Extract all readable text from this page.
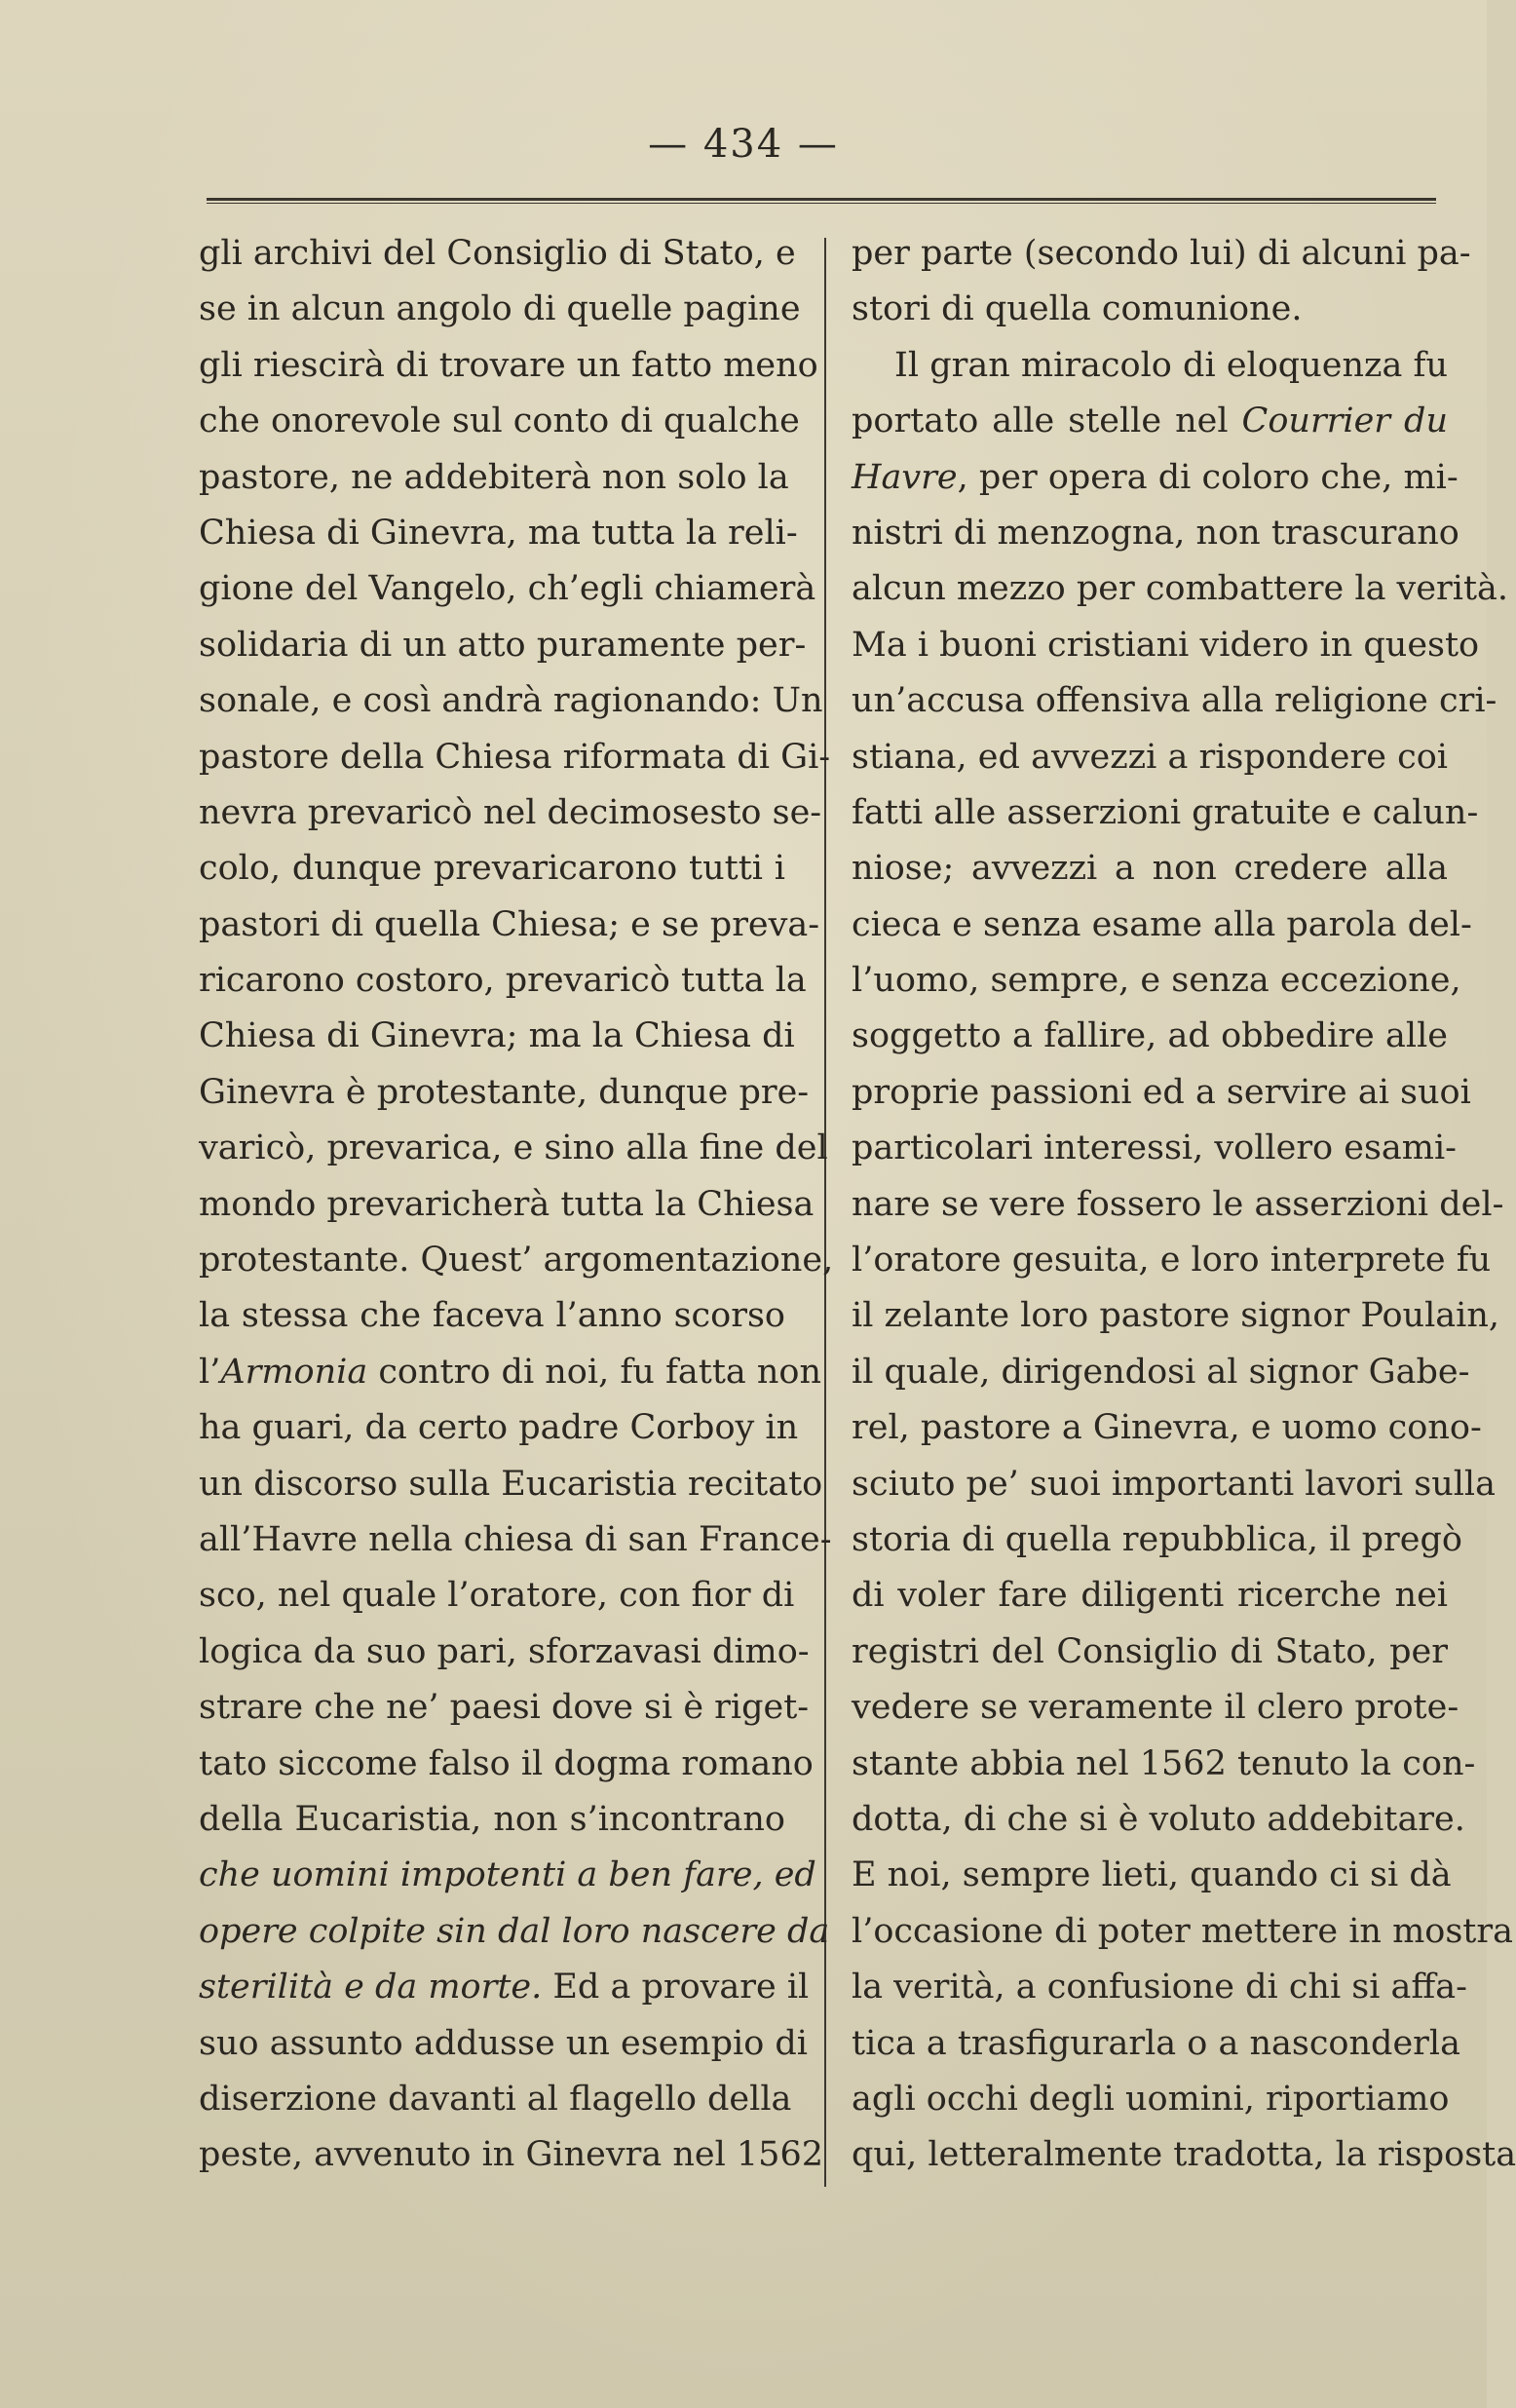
— 434 —
gli archivi del Consiglio di Stato, e
se in alcun angolo di quelle pagine
gli riescirà di trovare un fatto meno
che onorevole sul conto di qualche
pastore, ne addebiterà non solo la
Chiesa di Ginevra, ma tutta la reli-
gione del Vangelo, ch’egli chiamerà
solidaria di un atto puramente per-
sonale, e così andrà ragionando: Un
pastore della Chiesa riformata di Gi-
nevra prevaricò nel decimosesto se-
colo, dunque prevaricarono tutti i
pastori di quella Chiesa; e se preva-
ricarono costoro, prevaricò tutta la
Chiesa di Ginevra; ma la Chiesa di
Ginevra è protestante, dunque pre-
varicò, prevarica, e sino alla fine del
mondo prevaricherà tutta la Chiesa
protestante. Quest’ argomentazione,
la stessa che faceva l’anno scorso
l’Armonia contro di noi, fu fatta non
ha guari, da certo padre Corboy in
un discorso sulla Eucaristia recitato
all’Havre nella chiesa di san France-
sco, nel quale l’oratore, con fior di
logica da suo pari, sforzavasi dimo-
strare che ne’ paesi dove si è riget-
tato siccome falso il dogma romano
della Eucaristia, non s’incontrano
che uomini impotenti a ben fare, ed
opere colpite sin dal loro nascere da
sterilità e da morte. Ed a provare il
suo assunto addusse un esempio di
diserzione davanti al flagello della
peste, avvenuto in Ginevra nel 1562
per parte (secondo lui) di alcuni pa-
stori di quella comunione.
Il gran miracolo di eloquenza fu
portato alle stelle nel Courrier du
Havre, per opera di coloro che, mi-
nistri di menzogna, non trascurano
alcun mezzo per combattere la verità.
Ma i buoni cristiani videro in questo
un’accusa offensiva alla religione cri-
stiana, ed avvezzi a rispondere coi
fatti alle asserzioni gratuite e calun-
niose; avvezzi a non credere alla
cieca e senza esame alla parola del-
l’uomo, sempre, e senza eccezione,
soggetto a fallire, ad obbedire alle
proprie passioni ed a servire ai suoi
particolari interessi, vollero esami-
nare se vere fossero le asserzioni del-
l’oratore gesuita, e loro interprete fu
il zelante loro pastore signor Poulain,
il quale, dirigendosi al signor Gabe-
rel, pastore a Ginevra, e uomo cono-
sciuto pe’ suoi importanti lavori sulla
storia di quella repubblica, il pregò
di voler fare diligenti ricerche nei
registri del Consiglio di Stato, per
vedere se veramente il clero prote-
stante abbia nel 1562 tenuto la con-
dotta, di che si è voluto addebitare.
E noi, sempre lieti, quando ci si dà
l’occasione di poter mettere in mostra
la verità, a confusione di chi si affa-
tica a trasfigurarla o a nasconderla
agli occhi degli uomini, riportiamo
qui, letteralmente tradotta, la risposta
